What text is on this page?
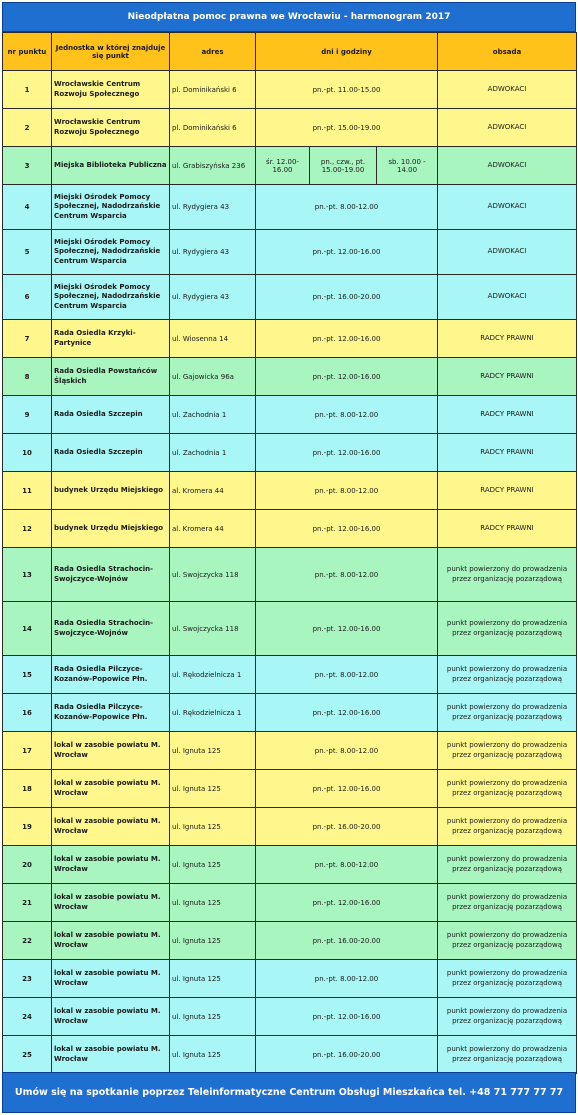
Nieodpłatna pomoc prawna we Wrocławiu - harmonogram 2017
nr punktu	Jednostka w której znajduje się punkt	adres	dni i godziny			obsada
1	Wrocławskie Centrum Rozwoju Społecznego	pl. Dominikański 6	pn.-pt. 11.00-15.00			ADWOKACI
2	Wrocławskie Centrum Rozwoju Społecznego	pl. Dominikański 6	pn.-pt. 15.00-19.00			ADWOKACI
3	Miejska Biblioteka Publiczna	ul. Grabiszyńska 236	śr. 12.00-16.00	pn., czw., pt. 15.00-19.00	sb. 10.00 - 14.00	ADWOKACI
4	Miejski Ośrodek Pomocy Społecznej, Nadodrzańskie Centrum Wsparcia	ul. Rydygiera 43	pn.-pt. 8.00-12.00			ADWOKACI
5	Miejski Ośrodek Pomocy Społecznej, Nadodrzańskie Centrum Wsparcia	ul. Rydygiera 43	pn.-pt. 12.00-16.00			ADWOKACI
6	Miejski Ośrodek Pomocy Społecznej, Nadodrzańskie Centrum Wsparcia	ul. Rydygiera 43	pn.-pt. 16.00-20.00			ADWOKACI
7	Rada Osiedla Krzyki-Partynice	ul. Wiosenna 14	pn.-pt. 12.00-16.00			RADCY PRAWNI
8	Rada Osiedla Powstańców Śląskich	ul. Gajowicka 96a	pn.-pt. 12.00-16.00			RADCY PRAWNI
9	Rada Osiedla Szczepin	ul. Zachodnia 1	pn.-pt. 8.00-12.00			RADCY PRAWNI
10	Rada Osiedla Szczepin	ul. Zachodnia 1	pn.-pt. 12.00-16.00			RADCY PRAWNI
11	budynek Urzędu Miejskiego	al. Kromera 44	pn.-pt. 8.00-12.00			RADCY PRAWNI
12	budynek Urzędu Miejskiego	al. Kromera 44	pn.-pt. 12.00-16.00			RADCY PRAWNI
13	Rada Osiedla Strachocin-Swojczyce-Wojnów	ul. Swojczycka 118	pn.-pt. 8.00-12.00			punkt powierzony do prowadzenia przez organizację pozarządową
14	Rada Osiedla Strachocin-Swojczyce-Wojnów	ul. Swojczycka 118	pn.-pt. 12.00-16.00			punkt powierzony do prowadzenia przez organizację pozarządową
15	Rada Osiedla Pilczyce-Kozanów-Popowice Płn.	ul. Rękodzielnicza 1	pn.-pt. 8.00-12.00			punkt powierzony do prowadzenia przez organizację pozarządową
16	Rada Osiedla Pilczyce-Kozanów-Popowice Płn.	ul. Rękodzielnicza 1	pn.-pt. 12.00-16.00			punkt powierzony do prowadzenia przez organizację pozarządową
17	lokal w zasobie powiatu M. Wrocław	ul. Ignuta 125	pn.-pt. 8.00-12.00			punkt powierzony do prowadzenia przez organizację pozarządową
18	lokal w zasobie powiatu M. Wrocław	ul. Ignuta 125	pn.-pt. 12.00-16.00			punkt powierzony do prowadzenia przez organizację pozarządową
19	lokal w zasobie powiatu M. Wrocław	ul. Ignuta 125	pn.-pt. 16.00-20.00			punkt powierzony do prowadzenia przez organizację pozarządową
20	lokal w zasobie powiatu M. Wrocław	ul. Ignuta 125	pn.-pt. 8.00-12.00			punkt powierzony do prowadzenia przez organizację pozarządową
21	lokal w zasobie powiatu M. Wrocław	ul. Ignuta 125	pn.-pt. 12.00-16.00			punkt powierzony do prowadzenia przez organizację pozarządową
22	lokal w zasobie powiatu M. Wrocław	ul. Ignuta 125	pn.-pt. 16.00-20.00			punkt powierzony do prowadzenia przez organizację pozarządową
23	lokal w zasobie powiatu M. Wrocław	ul. Ignuta 125	pn.-pt. 8.00-12.00			punkt powierzony do prowadzenia przez organizację pozarządową
24	lokal w zasobie powiatu M. Wrocław	ul. Ignuta 125	pn.-pt. 12.00-16.00			punkt powierzony do prowadzenia przez organizację pozarządową
25	lokal w zasobie powiatu M. Wrocław	ul. Ignuta 125	pn.-pt. 16.00-20.00			punkt powierzony do prowadzenia przez organizację pozarządową
Umów się na spotkanie poprzez Teleinformatyczne Centrum Obsługi Mieszkańca tel. +48 71 777 77 77
